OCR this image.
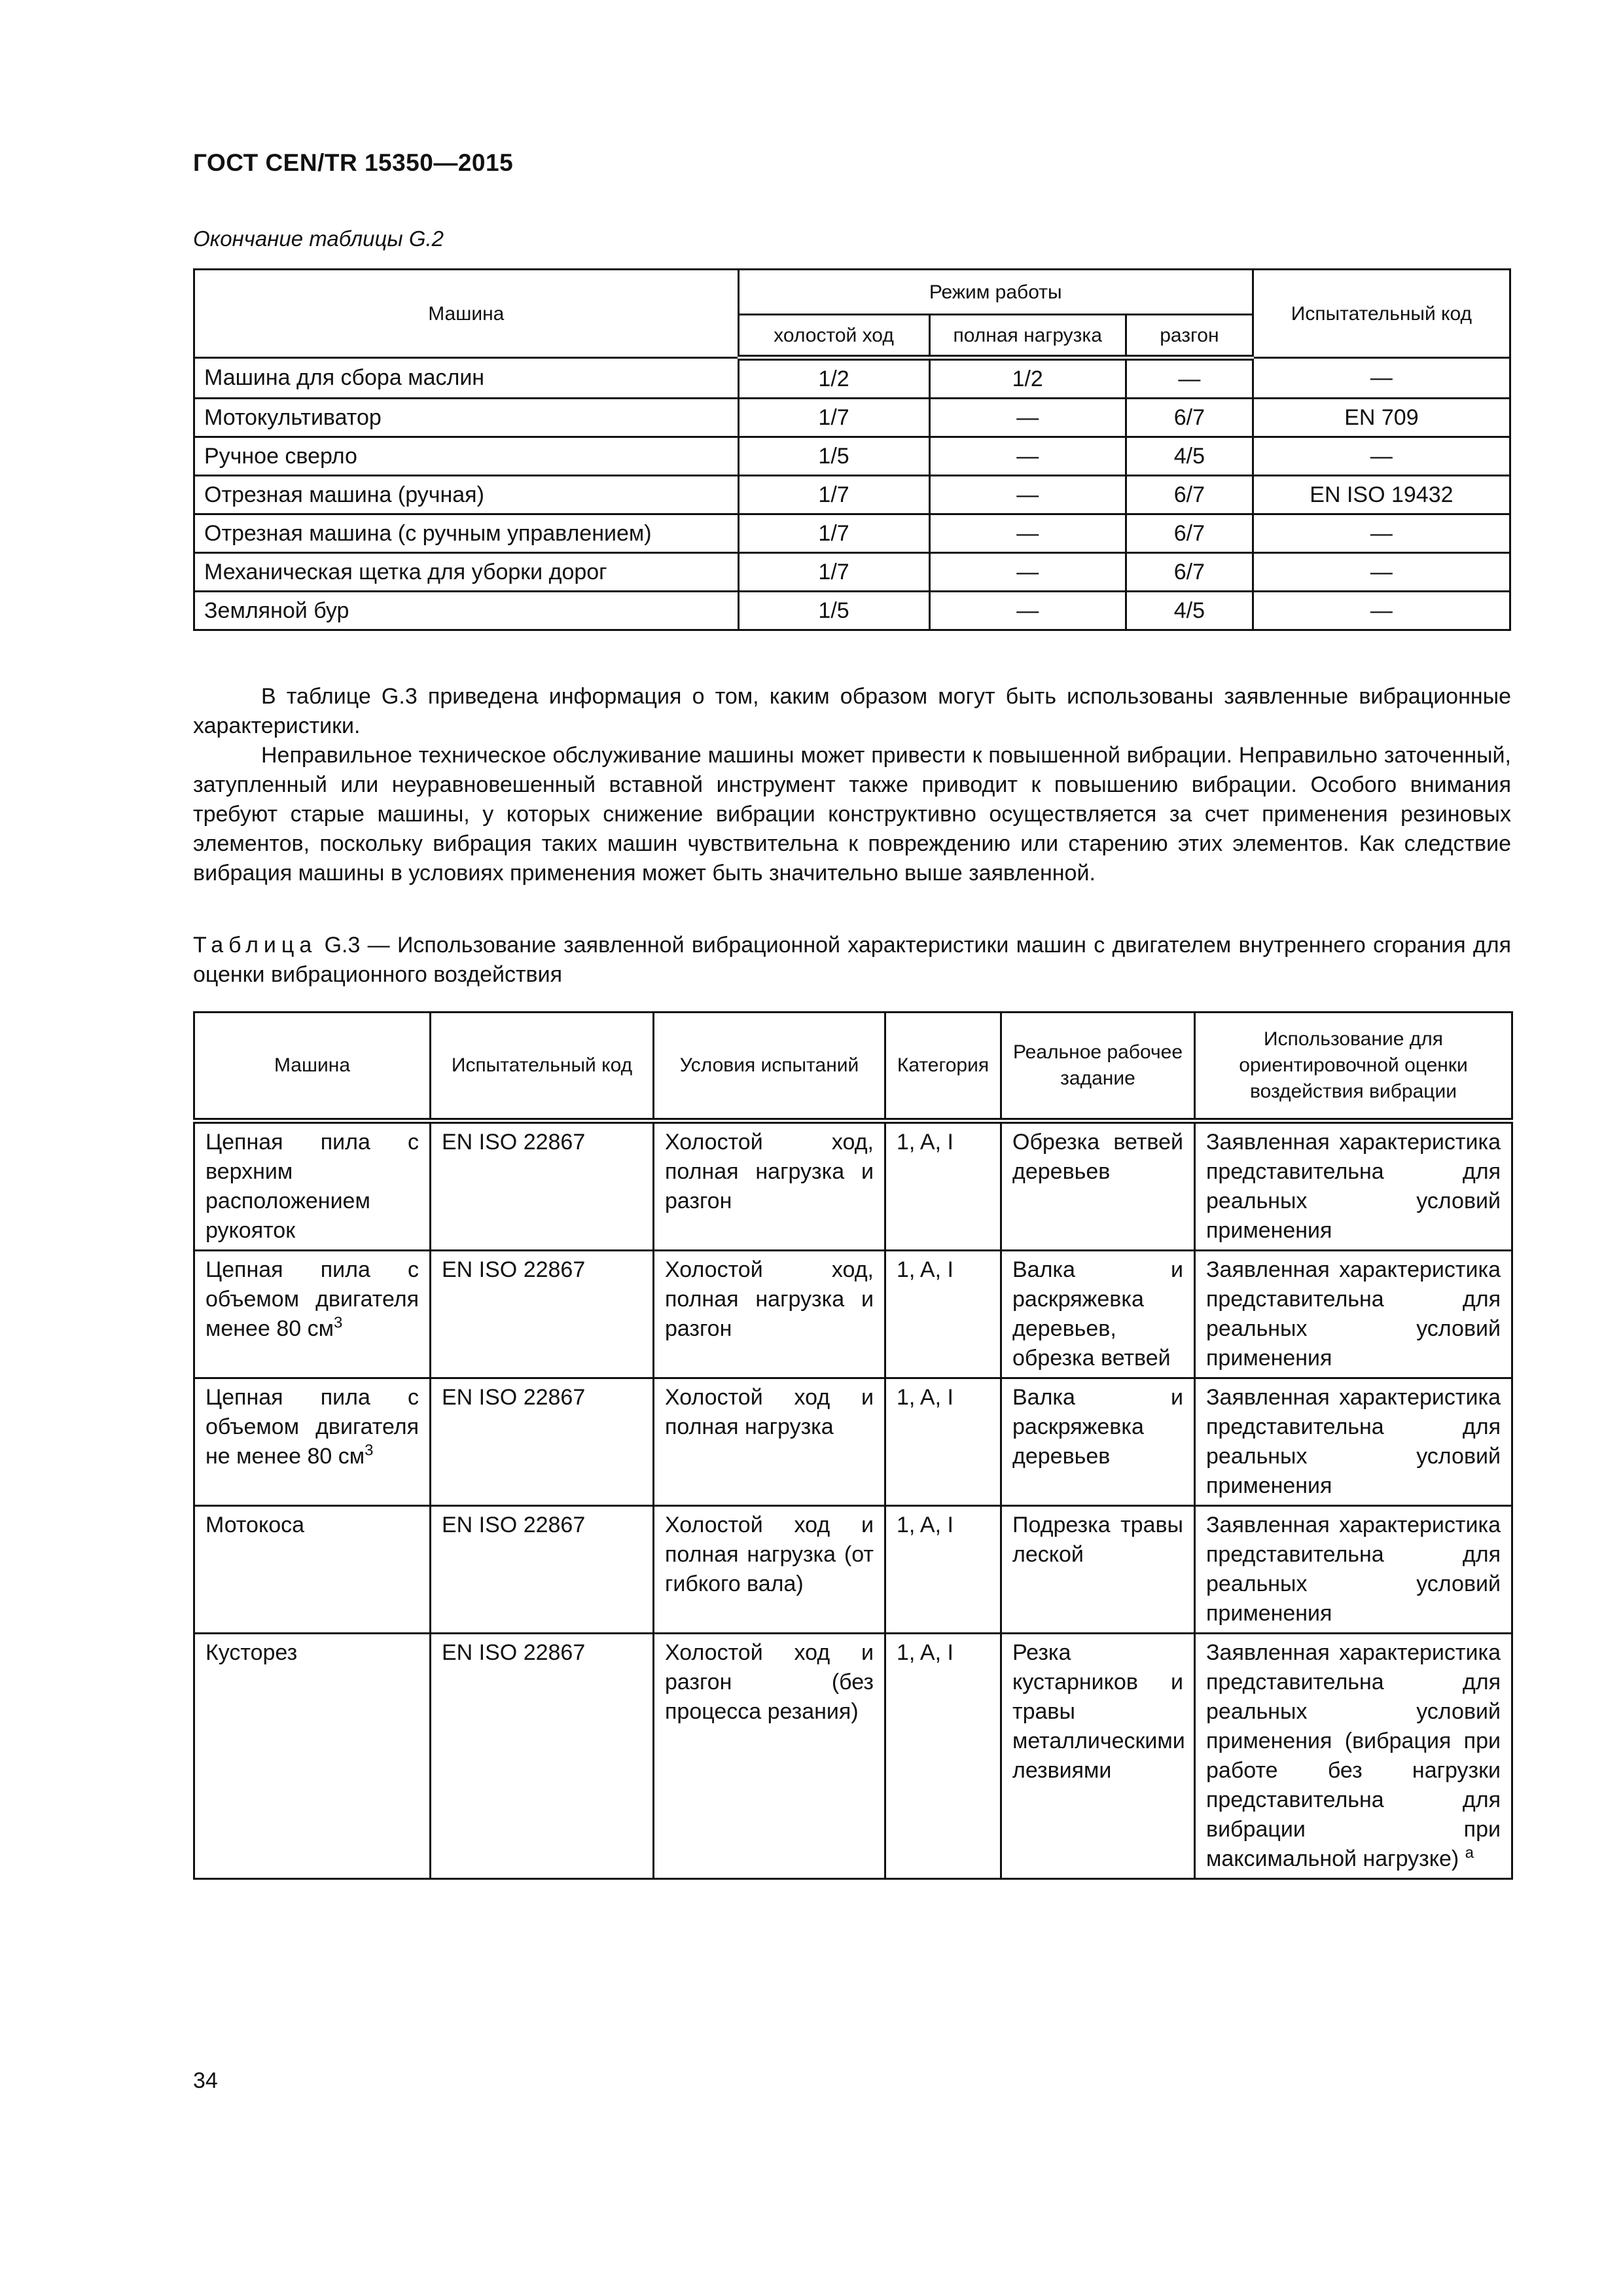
ГОСТ CEN/TR 15350—2015
Окончание таблицы G.2
Машина	Режим работы			Испытательный код
	холостой ход	полная нагрузка	разгон	
Машина для сбора маслин	1/2	1/2	—	—
Мотокультиватор	1/7	—	6/7	EN 709
Ручное сверло	1/5	—	4/5	—
Отрезная машина (ручная)	1/7	—	6/7	EN ISO 19432
Отрезная машина (с ручным управлением)	1/7	—	6/7	—
Механическая щетка для уборки дорог	1/7	—	6/7	—
Земляной бур	1/5	—	4/5	—
В таблице G.3 приведена информация о том, каким образом могут быть использованы заявленные вибрационные характеристики.
Неправильное техническое обслуживание машины может привести к повышенной вибрации. Неправильно заточенный, затупленный или неуравновешенный вставной инструмент также приводит к повышению вибрации. Особого внимания требуют старые машины, у которых снижение вибрации конструктивно осуществляется за счет применения резиновых элементов, поскольку вибрация таких машин чувствительна к повреждению или старению этих элементов. Как следствие вибрация машины в условиях применения может быть значительно выше заявленной.
Таблица G.3 — Использование заявленной вибрационной характеристики машин с двигателем внутреннего сгорания для оценки вибрационного воздействия
Машина	Испытательный код	Условия испытаний	Категория	Реальное рабочее задание	Использование для ориентировочной оценки воздействия вибрации
Цепная пила с верхним расположением рукояток	EN ISO 22867	Холостой ход, полная нагрузка и разгон	1, A, I	Обрезка ветвей деревьев	Заявленная характеристика представительна для реальных условий применения
Цепная пила с объемом двигателя менее 80 $см^3$	EN ISO 22867	Холостой ход, полная нагрузка и разгон	1, A, I	Валка и раскряжевка деревьев, обрезка ветвей	Заявленная характеристика представительна для реальных условий применения
Цепная пила с объемом двигателя не менее 80 $см^3$	EN ISO 22867	Холостой ход и полная нагрузка	1, A, I	Валка и раскряжевка деревьев	Заявленная характеристика представительна для реальных условий применения
Мотокоса	EN ISO 22867	Холостой ход и полная нагрузка (от гибкого вала)	1, A, I	Подрезка травы леской	Заявленная характеристика представительна для реальных условий применения
Кусторез	EN ISO 22867	Холостой ход и разгон (без процесса резания)	1, A, I	Резка кустарников и травы металлическими лезвиями	Заявленная характеристика представительна для реальных условий применения (вибрация при работе без нагрузки представительна для вибрации при максимальной нагрузке) $^а$
34
